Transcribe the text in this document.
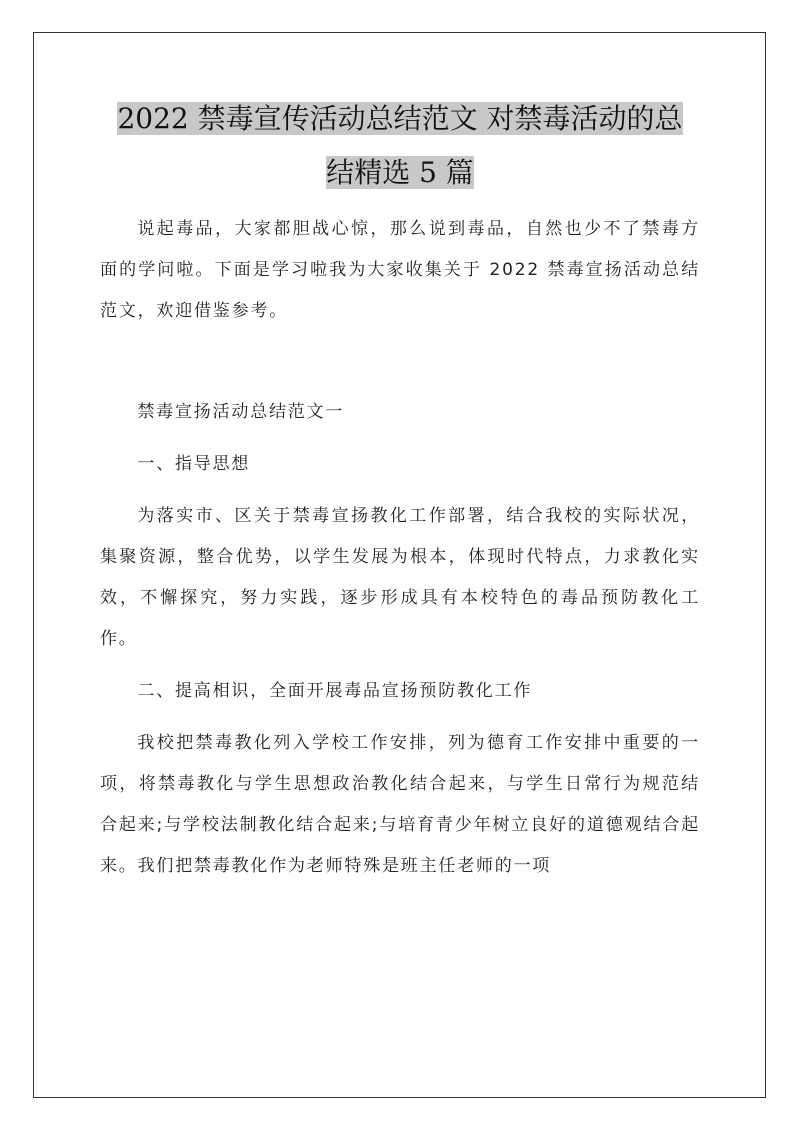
2022 禁毒宣传活动总结范文 对禁毒活动的总
结精选 5 篇

说起毒品，大家都胆战心惊，那么说到毒品，自然也少不了禁毒方面的学问啦。下面是学习啦我为大家收集关于 2022 禁毒宣扬活动总结范文，欢迎借鉴参考。

禁毒宣扬活动总结范文一

一、指导思想

为落实市、区关于禁毒宣扬教化工作部署，结合我校的实际状况，集聚资源，整合优势，以学生发展为根本，体现时代特点，力求教化实效，不懈探究，努力实践，逐步形成具有本校特色的毒品预防教化工作。

二、提高相识，全面开展毒品宣扬预防教化工作

我校把禁毒教化列入学校工作安排，列为德育工作安排中重要的一项，将禁毒教化与学生思想政治教化结合起来，与学生日常行为规范结合起来;与学校法制教化结合起来;与培育青少年树立良好的道德观结合起来。我们把禁毒教化作为老师特殊是班主任老师的一项
